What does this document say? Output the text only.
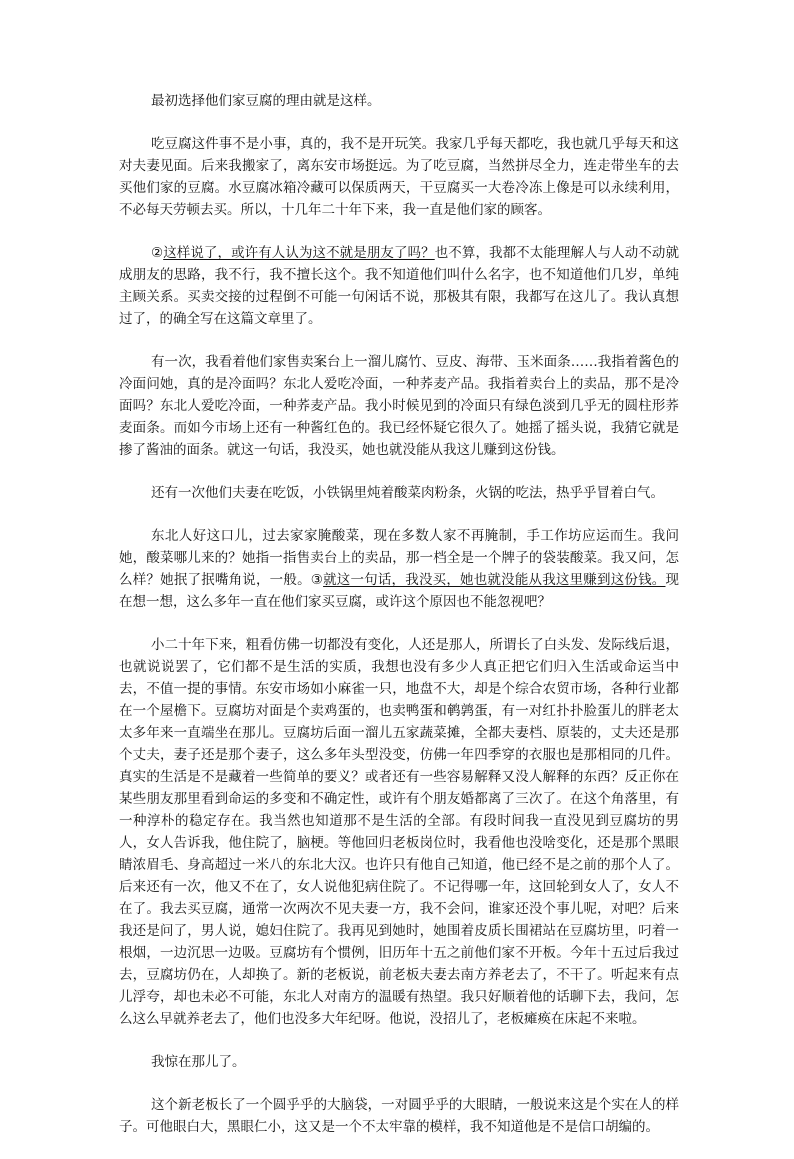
最初选择他们家豆腐的理由就是这样。

吃豆腐这件事不是小事，真的，我不是开玩笑。我家几乎每天都吃，我也就几乎每天和这对夫妻见面。后来我搬家了，离东安市场挺远。为了吃豆腐，当然拼尽全力，连走带坐车的去买他们家的豆腐。水豆腐冰箱冷藏可以保质两天，干豆腐买一大卷冷冻上像是可以永续利用，不必每天劳顿去买。所以，十几年二十年下来，我一直是他们家的顾客。

②这样说了，或许有人认为这不就是朋友了吗？也不算，我都不太能理解人与人动不动就成朋友的思路，我不行，我不擅长这个。我不知道他们叫什么名字，也不知道他们几岁，单纯主顾关系。买卖交接的过程倒不可能一句闲话不说，那极其有限，我都写在这儿了。我认真想过了，的确全写在这篇文章里了。

有一次，我看着他们家售卖案台上一溜儿腐竹、豆皮、海带、玉米面条……我指着酱色的冷面问她，真的是冷面吗？东北人爱吃冷面，一种荞麦产品。我指着卖台上的卖品，那不是冷面吗？东北人爱吃冷面，一种荞麦产品。我小时候见到的冷面只有绿色淡到几乎无的圆柱形荞麦面条。而如今市场上还有一种酱红色的。我已经怀疑它很久了。她摇了摇头说，我猜它就是掺了酱油的面条。就这一句话，我没买，她也就没能从我这儿赚到这份钱。

还有一次他们夫妻在吃饭，小铁锅里炖着酸菜肉粉条，火锅的吃法，热乎乎冒着白气。

东北人好这口儿，过去家家腌酸菜，现在多数人家不再腌制，手工作坊应运而生。我问她，酸菜哪儿来的？她指一指售卖台上的卖品，那一档全是一个牌子的袋装酸菜。我又问，怎么样？她抿了抿嘴角说，一般。③就这一句话，我没买，她也就没能从我这里赚到这份钱。现在想一想，这么多年一直在他们家买豆腐，或许这个原因也不能忽视吧？

小二十年下来，粗看仿佛一切都没有变化，人还是那人，所谓长了白头发、发际线后退，也就说说罢了，它们都不是生活的实质，我想也没有多少人真正把它们归入生活或命运当中去，不值一提的事情。东安市场如小麻雀一只，地盘不大，却是个综合农贸市场，各种行业都在一个屋檐下。豆腐坊对面是个卖鸡蛋的，也卖鸭蛋和鹌鹑蛋，有一对红扑扑脸蛋儿的胖老太太多年来一直端坐在那儿。豆腐坊后面一溜儿五家蔬菜摊，全都夫妻档、原装的，丈夫还是那个丈夫，妻子还是那个妻子，这么多年头型没变，仿佛一年四季穿的衣服也是那相同的几件。真实的生活是不是藏着一些简单的要义？或者还有一些容易解释又没人解释的东西？反正你在某些朋友那里看到命运的多变和不确定性，或许有个朋友婚都离了三次了。在这个角落里，有一种淳朴的稳定存在。我当然也知道那不是生活的全部。有段时间我一直没见到豆腐坊的男人，女人告诉我，他住院了，脑梗。等他回归老板岗位时，我看他也没啥变化，还是那个黑眼睛浓眉毛、身高超过一米八的东北大汉。也许只有他自己知道，他已经不是之前的那个人了。后来还有一次，他又不在了，女人说他犯病住院了。不记得哪一年，这回轮到女人了，女人不在了。我去买豆腐，通常一次两次不见夫妻一方，我不会问，谁家还没个事儿呢，对吧？后来我还是问了，男人说，媳妇住院了。我再见到她时，她围着皮质长围裙站在豆腐坊里，叼着一根烟，一边沉思一边吸。豆腐坊有个惯例，旧历年十五之前他们家不开板。今年十五过后我过去，豆腐坊仍在，人却换了。新的老板说，前老板夫妻去南方养老去了，不干了。听起来有点儿浮夸，却也未必不可能，东北人对南方的温暖有热望。我只好顺着他的话聊下去，我问，怎么这么早就养老去了，他们也没多大年纪呀。他说，没招儿了，老板瘫痪在床起不来啦。

我惊在那儿了。

这个新老板长了一个圆乎乎的大脑袋，一对圆乎乎的大眼睛，一般说来这是个实在人的样子。可他眼白大，黑眼仁小，这又是一个不太牢靠的模样，我不知道他是不是信口胡编的。
